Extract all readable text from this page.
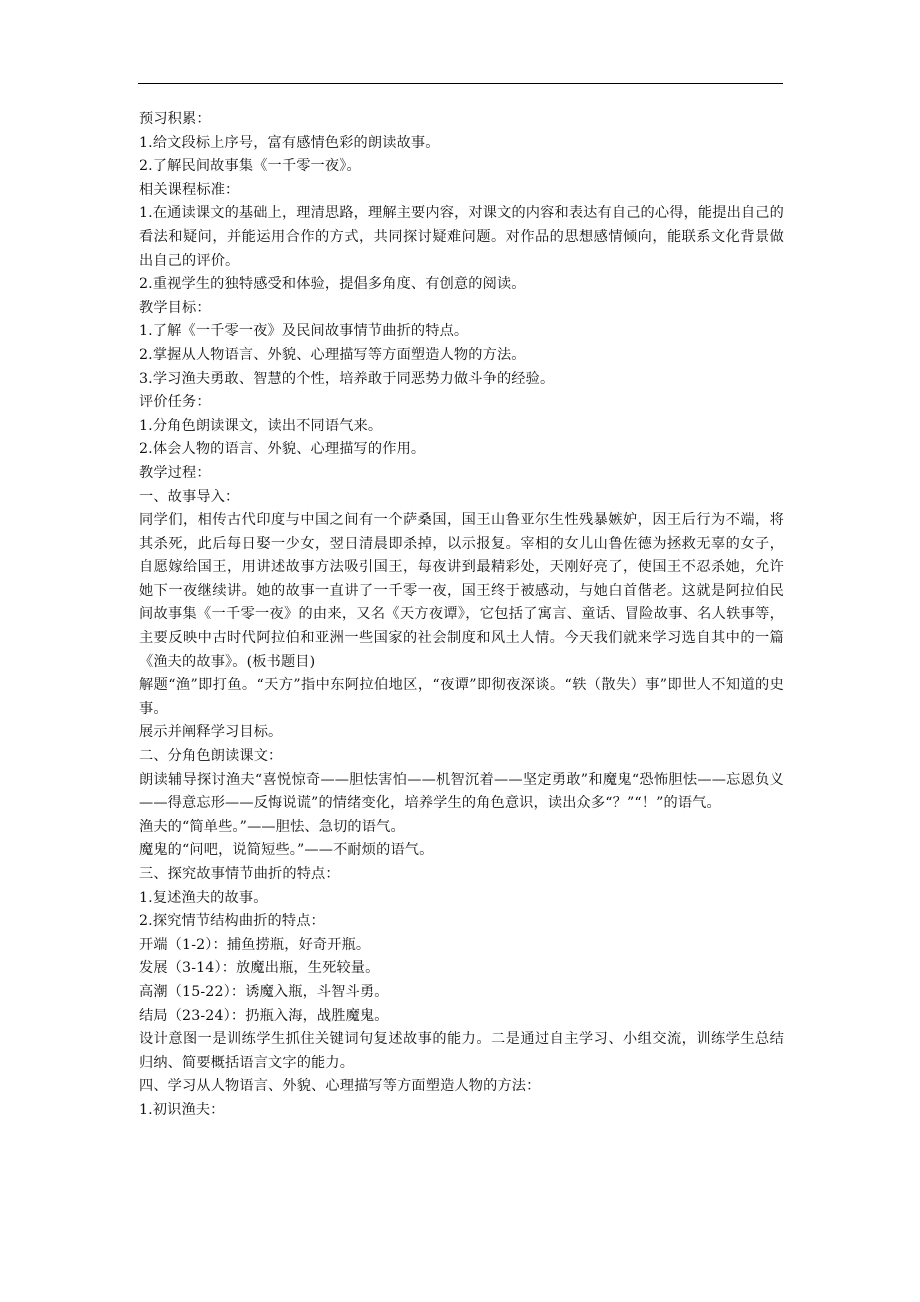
预习积累：

1.给文段标上序号，富有感情色彩的朗读故事。

2.了解民间故事集《一千零一夜》。

相关课程标准：

1.在通读课文的基础上，理清思路，理解主要内容，对课文的内容和表达有自己的心得，能提出自己的看法和疑问，并能运用合作的方式，共同探讨疑难问题。对作品的思想感情倾向，能联系文化背景做出自己的评价。

2.重视学生的独特感受和体验，提倡多角度、有创意的阅读。

教学目标：

1.了解《一千零一夜》及民间故事情节曲折的特点。

2.掌握从人物语言、外貌、心理描写等方面塑造人物的方法。

3.学习渔夫勇敢、智慧的个性，培养敢于同恶势力做斗争的经验。

评价任务：

1.分角色朗读课文，读出不同语气来。

2.体会人物的语言、外貌、心理描写的作用。

教学过程：

一、故事导入：

同学们，相传古代印度与中国之间有一个萨桑国，国王山鲁亚尔生性残暴嫉妒，因王后行为不端，将其杀死，此后每日娶一少女，翌日清晨即杀掉，以示报复。宰相的女儿山鲁佐德为拯救无辜的女子，自愿嫁给国王，用讲述故事方法吸引国王，每夜讲到最精彩处，天刚好亮了，使国王不忍杀她，允许她下一夜继续讲。她的故事一直讲了一千零一夜，国王终于被感动，与她白首偕老。这就是阿拉伯民间故事集《一千零一夜》的由来，又名《天方夜谭》，它包括了寓言、童话、冒险故事、名人轶事等，主要反映中古时代阿拉伯和亚洲一些国家的社会制度和风土人情。今天我们就来学习选自其中的一篇《渔夫的故事》。(板书题目)

解题“渔”即打鱼。“天方”指中东阿拉伯地区，“夜谭”即彻夜深谈。“轶（散失）事”即世人不知道的史事。

展示并阐释学习目标。

二、分角色朗读课文：

朗读辅导探讨渔夫“喜悦惊奇——胆怯害怕——机智沉着——坚定勇敢”和魔鬼“恐怖胆怯——忘恩负义——得意忘形——反悔说谎”的情绪变化，培养学生的角色意识，读出众多“？”“！”的语气。

渔夫的“简单些。”——胆怯、急切的语气。

魔鬼的“问吧，说简短些。”——不耐烦的语气。

三、探究故事情节曲折的特点：

1.复述渔夫的故事。

2.探究情节结构曲折的特点：

开端（1-2）：捕鱼捞瓶，好奇开瓶。

发展（3-14）：放魔出瓶，生死较量。

高潮（15-22）：诱魔入瓶，斗智斗勇。

结局（23-24）：扔瓶入海，战胜魔鬼。

设计意图一是训练学生抓住关键词句复述故事的能力。二是通过自主学习、小组交流，训练学生总结归纳、简要概括语言文字的能力。

四、学习从人物语言、外貌、心理描写等方面塑造人物的方法：

1.初识渔夫：
